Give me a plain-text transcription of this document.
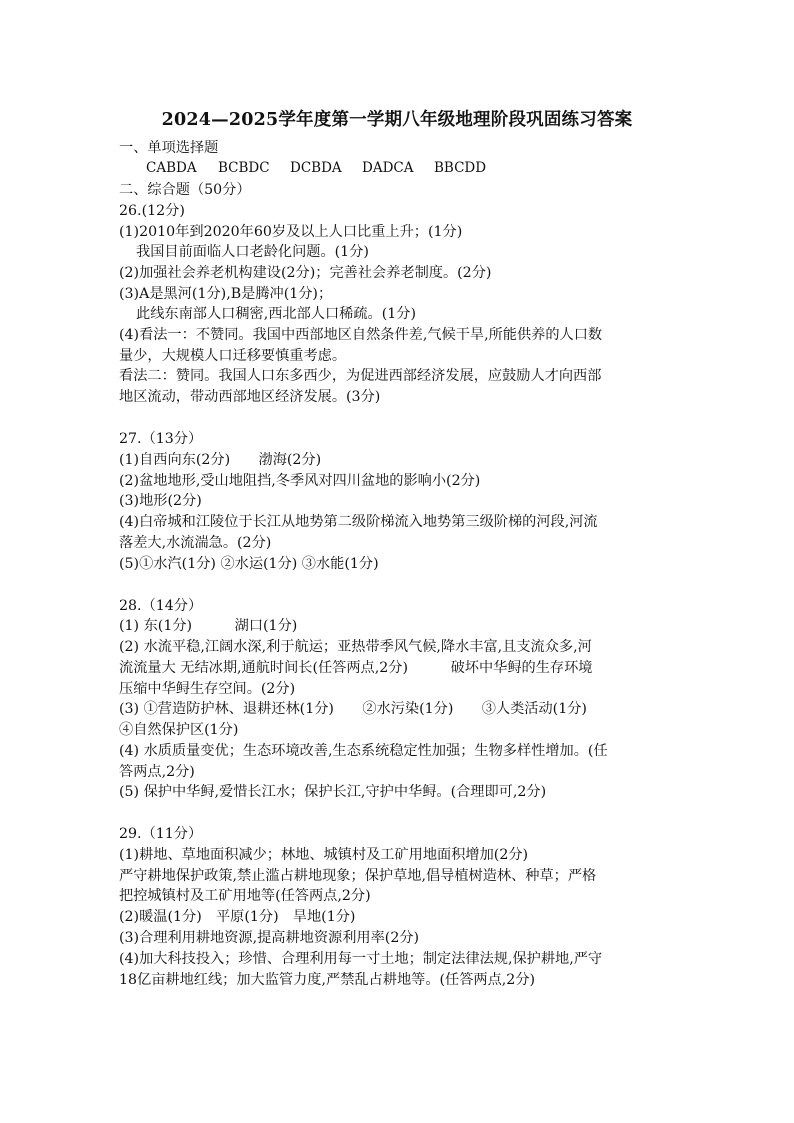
2024—2025学年度第一学期八年级地理阶段巩固练习答案
一、单项选择题
CABDA BCBDC DCBDA DADCA BBCDD
二、综合题（50分）
26.(12分)
(1)2010年到2020年60岁及以上人口比重上升；(1分)
我国目前面临人口老龄化问题。(1分)
(2)加强社会养老机构建设(2分)；完善社会养老制度。(2分)
(3)A是黑河(1分),B是腾冲(1分)；
此线东南部人口稠密,西北部人口稀疏。(1分)
(4)看法一：不赞同。我国中西部地区自然条件差,气候干旱,所能供养的人口数
量少，大规模人口迁移要慎重考虑。
看法二：赞同。我国人口东多西少，为促进西部经济发展，应鼓励人才向西部
地区流动，带动西部地区经济发展。(3分)
27.（13分）
(1)自西向东(2分)　　渤海(2分)
(2)盆地地形,受山地阻挡,冬季风对四川盆地的影响小(2分)
(3)地形(2分)
(4)白帝城和江陵位于长江从地势第二级阶梯流入地势第三级阶梯的河段,河流
落差大,水流湍急。(2分)
(5)①水汽(1分) ②水运(1分) ③水能(1分)
28.（14分）
(1) 东(1分)　　　湖口(1分)
(2) 水流平稳,江阔水深,利于航运；亚热带季风气候,降水丰富,且支流众多,河
流流量大 无结冰期,通航时间长(任答两点,2分)　　　破坏中华鲟的生存环境
压缩中华鲟生存空间。(2分)
(3) ①营造防护林、退耕还林(1分)　　②水污染(1分)　　③人类活动(1分)
④自然保护区(1分)
(4) 水质质量变优；生态环境改善,生态系统稳定性加强；生物多样性增加。(任
答两点,2分)
(5) 保护中华鲟,爱惜长江水；保护长江,守护中华鲟。(合理即可,2分)
29.（11分）
(1)耕地、草地面积减少；林地、城镇村及工矿用地面积增加(2分)
严守耕地保护政策,禁止滥占耕地现象；保护草地,倡导植树造林、种草；严格
把控城镇村及工矿用地等(任答两点,2分)
(2)暖温(1分)　平原(1分)　旱地(1分)
(3)合理利用耕地资源,提高耕地资源利用率(2分)
(4)加大科技投入；珍惜、合理利用每一寸土地；制定法律法规,保护耕地,严守
18亿亩耕地红线；加大监管力度,严禁乱占耕地等。(任答两点,2分)
